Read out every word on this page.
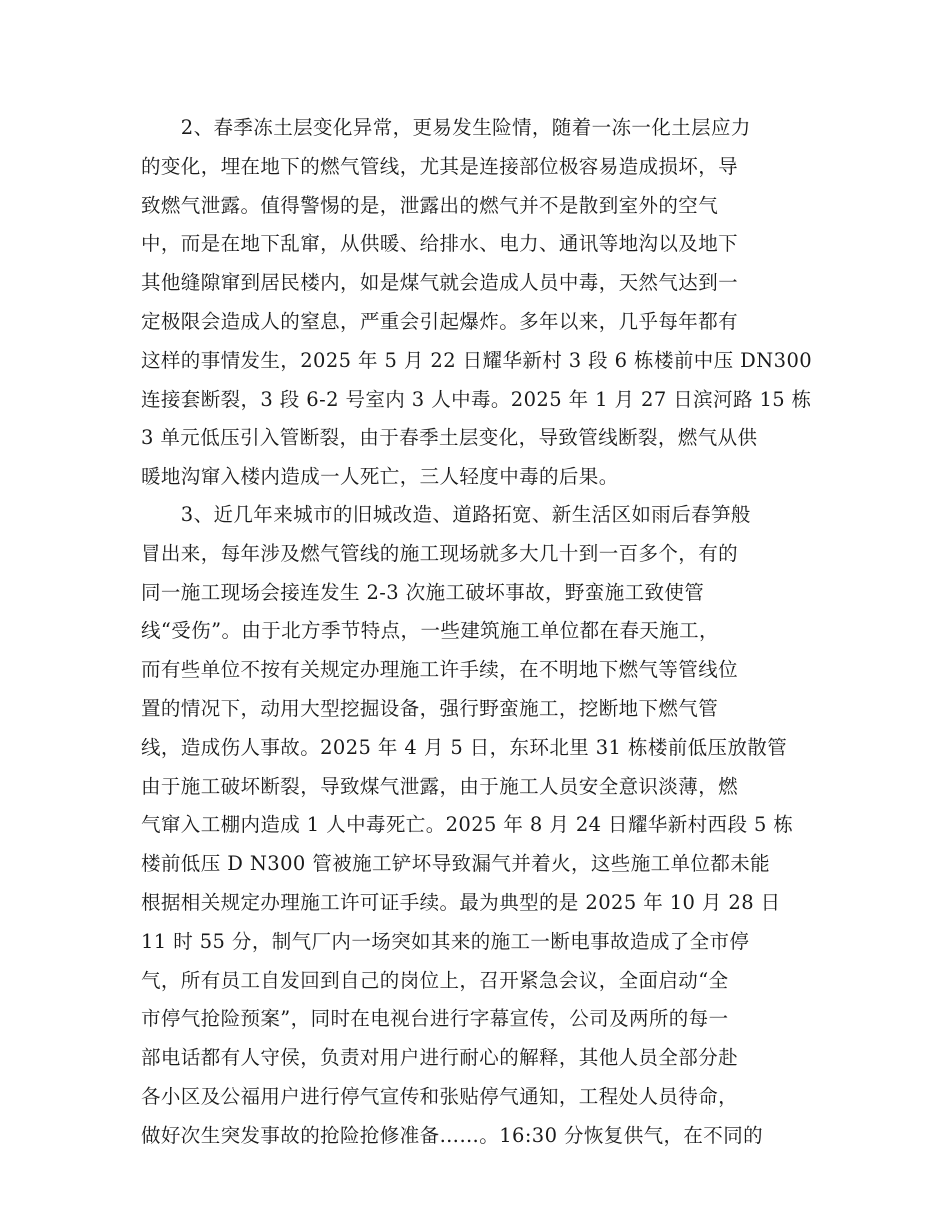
　　2、春季冻土层变化异常，更易发生险情，随着一冻一化土层应力
的变化，埋在地下的燃气管线，尤其是连接部位极容易造成损坏，导
致燃气泄露。值得警惕的是，泄露出的燃气并不是散到室外的空气
中，而是在地下乱窜，从供暖、给排水、电力、通讯等地沟以及地下
其他缝隙窜到居民楼内，如是煤气就会造成人员中毒，天然气达到一
定极限会造成人的窒息，严重会引起爆炸。多年以来，几乎每年都有
这样的事情发生，2025 年 5 月 22 日耀华新村 3 段 6 栋楼前中压 DN300
连接套断裂，3 段 6-2 号室内 3 人中毒。2025 年 1 月 27 日滨河路 15 栋
3 单元低压引入管断裂，由于春季土层变化，导致管线断裂，燃气从供
暖地沟窜入楼内造成一人死亡，三人轻度中毒的后果。
　　3、近几年来城市的旧城改造、道路拓宽、新生活区如雨后春笋般
冒出来，每年涉及燃气管线的施工现场就多大几十到一百多个，有的
同一施工现场会接连发生 2-3 次施工破坏事故，野蛮施工致使管
线“受伤”。由于北方季节特点，一些建筑施工单位都在春天施工，
而有些单位不按有关规定办理施工许手续，在不明地下燃气等管线位
置的情况下，动用大型挖掘设备，强行野蛮施工，挖断地下燃气管
线，造成伤人事故。2025 年 4 月 5 日，东环北里 31 栋楼前低压放散管
由于施工破坏断裂，导致煤气泄露，由于施工人员安全意识淡薄，燃
气窜入工棚内造成 1 人中毒死亡。2025 年 8 月 24 日耀华新村西段 5 栋
楼前低压 D N300 管被施工铲坏导致漏气并着火，这些施工单位都未能
根据相关规定办理施工许可证手续。最为典型的是 2025 年 10 月 28 日
11 时 55 分，制气厂内一场突如其来的施工一断电事故造成了全市停
气，所有员工自发回到自己的岗位上，召开紧急会议，全面启动“全
市停气抢险预案”，同时在电视台进行字幕宣传，公司及两所的每一
部电话都有人守侯，负责对用户进行耐心的解释，其他人员全部分赴
各小区及公福用户进行停气宣传和张贴停气通知，工程处人员待命，
做好次生突发事故的抢险抢修准备……。16:30 分恢复供气，在不同的
